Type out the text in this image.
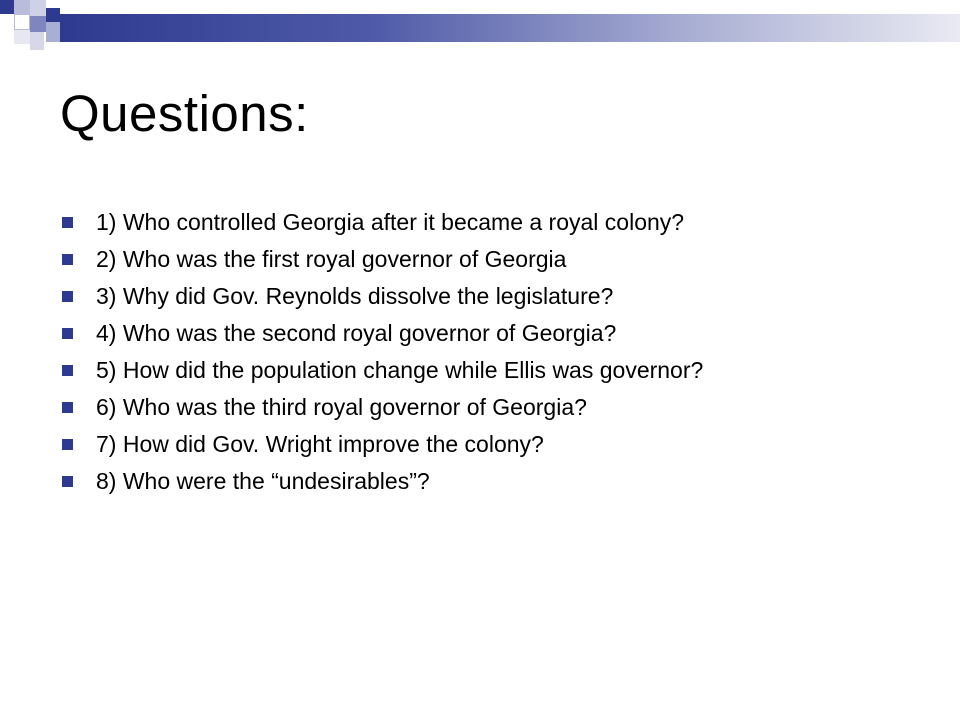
Questions:
1) Who controlled Georgia after it became a royal colony?
2) Who was the first royal governor of Georgia
3) Why did Gov. Reynolds dissolve the legislature?
4) Who was the second royal governor of Georgia?
5) How did the population change while Ellis was governor?
6) Who was the third royal governor of Georgia?
7) How did Gov. Wright improve the colony?
8) Who were the “undesirables”?
